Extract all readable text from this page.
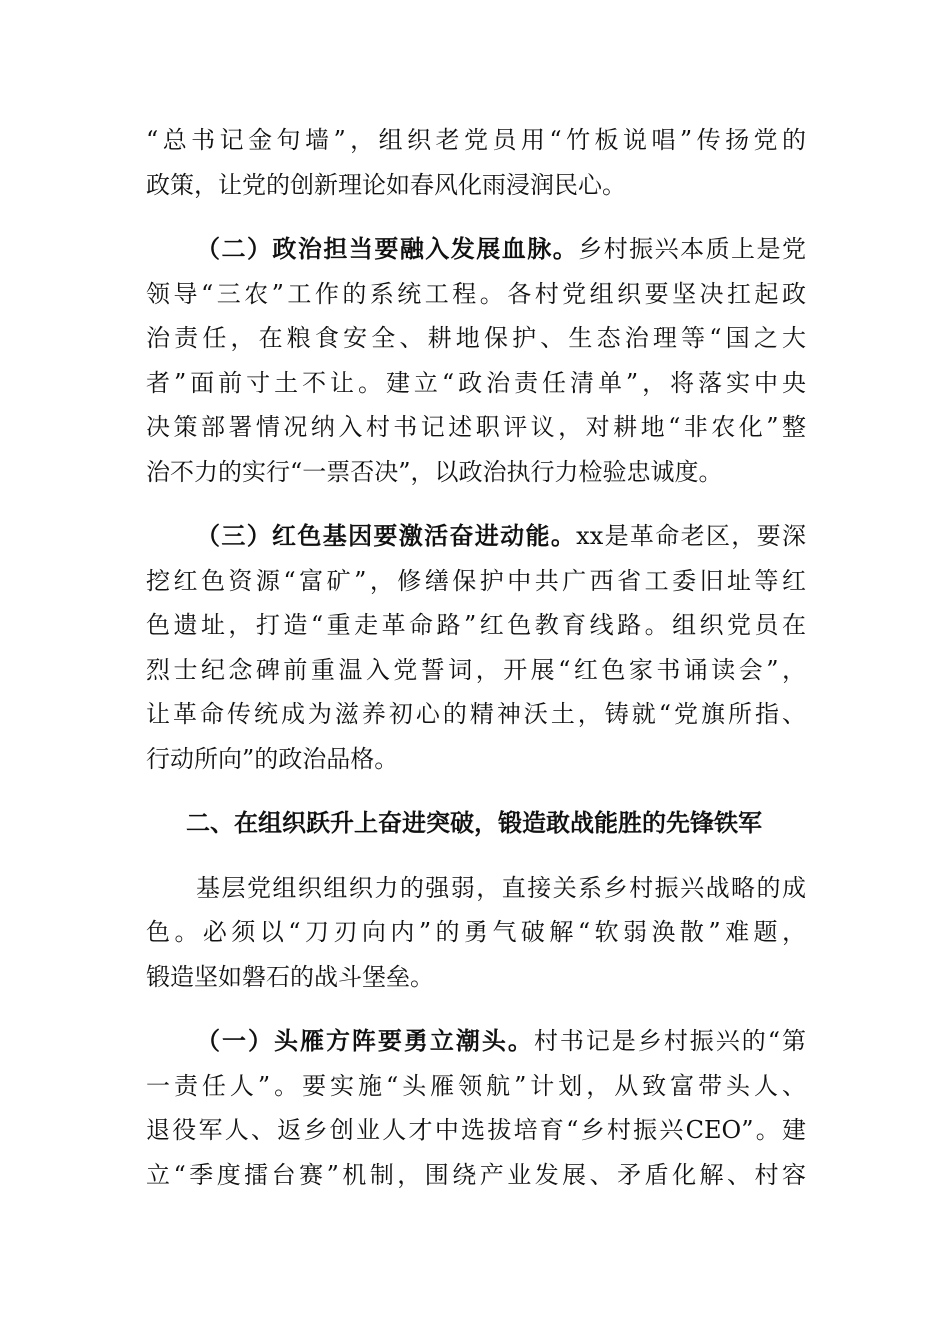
“总书记金句墙”，组织老党员用“竹板说唱”传扬党的
政策，让党的创新理论如春风化雨浸润民心。
（二）政治担当要融入发展血脉。乡村振兴本质上是党
领导“三农”工作的系统工程。各村党组织要坚决扛起政
治责任，在粮食安全、耕地保护、生态治理等“国之大
者”面前寸土不让。建立“政治责任清单”，将落实中央
决策部署情况纳入村书记述职评议，对耕地“非农化”整
治不力的实行“一票否决”，以政治执行力检验忠诚度。
（三）红色基因要激活奋进动能。xx是革命老区，要深
挖红色资源“富矿”，修缮保护中共广西省工委旧址等红
色遗址，打造“重走革命路”红色教育线路。组织党员在
烈士纪念碑前重温入党誓词，开展“红色家书诵读会”，
让革命传统成为滋养初心的精神沃土，铸就“党旗所指、
行动所向”的政治品格。
二、在组织跃升上奋进突破，锻造敢战能胜的先锋铁军
基层党组织组织力的强弱，直接关系乡村振兴战略的成
色。必须以“刀刃向内”的勇气破解“软弱涣散”难题，
锻造坚如磐石的战斗堡垒。
（一）头雁方阵要勇立潮头。村书记是乡村振兴的“第
一责任人”。要实施“头雁领航”计划，从致富带头人、
退役军人、返乡创业人才中选拔培育“乡村振兴CEO”。建
立“季度擂台赛”机制，围绕产业发展、矛盾化解、村容
